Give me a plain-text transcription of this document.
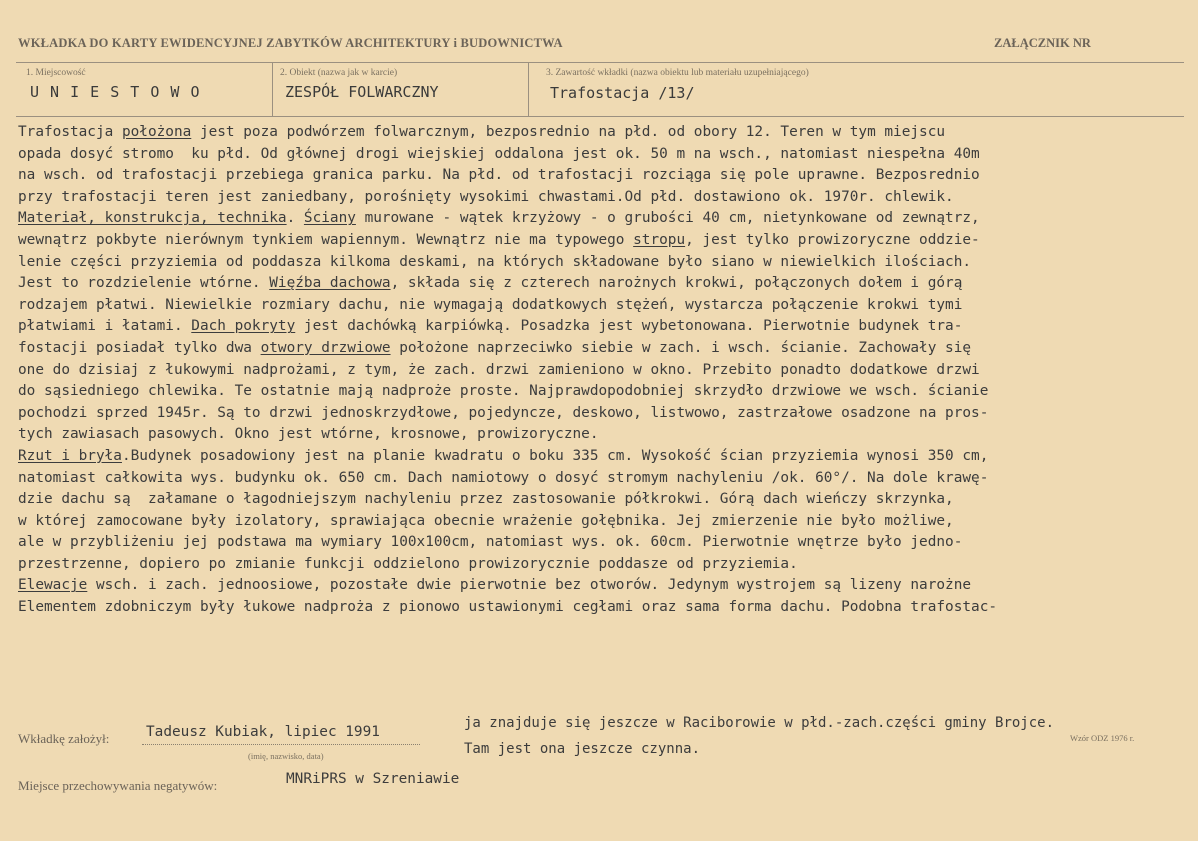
WKŁADKA DO KARTY EWIDENCYJNEJ ZABYTKÓW ARCHITEKTURY i BUDOWNICTWA	ZAŁĄCZNIK NR
1. Miejscowość
U N I E S T O W O
2. Obiekt (nazwa jak w karcie)
ZESPÓŁ FOLWARCZNY
3. Zawartość wkładki (nazwa obiektu lub materiału uzupełniającego)
Trafostacja /13/
Trafostacja położona jest poza podwórzem folwarcznym, bezposrednio na płd. od obory 12. Teren w tym miejscu
opada dosyć stromo  ku płd. Od głównej drogi wiejskiej oddalona jest ok. 50 m na wsch., natomiast niespełna 40m
na wsch. od trafostacji przebiega granica parku. Na płd. od trafostacji rozciąga się pole uprawne. Bezposrednio
przy trafostacji teren jest zaniedbany, porośnięty wysokimi chwastami.Od płd. dostawiono ok. 1970r. chlewik.
Materiał, konstrukcja, technika. Ściany murowane - wątek krzyżowy - o grubości 40 cm, nietynkowane od zewnątrz,
wewnątrz pokbyte nierównym tynkiem wapiennym. Wewnątrz nie ma typowego stropu, jest tylko prowizoryczne oddzie-
lenie części przyziemia od poddasza kilkoma deskami, na których składowane było siano w niewielkich ilościach.
Jest to rozdzielenie wtórne. Więźba dachowa, składa się z czterech narożnych krokwi, połączonych dołem i górą
rodzajem płatwi. Niewielkie rozmiary dachu, nie wymagają dodatkowych stężeń, wystarcza połączenie krokwi tymi
płatwiami i łatami. Dach pokryty jest dachówką karpiówką. Posadzka jest wybetonowana. Pierwotnie budynek tra-
fostacji posiadał tylko dwa otwory drzwiowe położone naprzeciwko siebie w zach. i wsch. ścianie. Zachowały się
one do dzisiaj z łukowymi nadprożami, z tym, że zach. drzwi zamieniono w okno. Przebito ponadto dodatkowe drzwi
do sąsiedniego chlewika. Te ostatnie mają nadproże proste. Najprawdopodobniej skrzydło drzwiowe we wsch. ścianie
pochodzi sprzed 1945r. Są to drzwi jednoskrzydłowe, pojedyncze, deskowo, listwowo, zastrzałowe osadzone na pros-
tych zawiasach pasowych. Okno jest wtórne, krosnowe, prowizoryczne.
Rzut i bryła.Budynek posadowiony jest na planie kwadratu o boku 335 cm. Wysokość ścian przyziemia wynosi 350 cm,
natomiast całkowita wys. budynku ok. 650 cm. Dach namiotowy o dosyć stromym nachyleniu /ok. 60°/. Na dole krawę-
dzie dachu są  załamane o łagodniejszym nachyleniu przez zastosowanie półkrokwi. Górą dach wieńczy skrzynka,
w której zamocowane były izolatory, sprawiająca obecnie wrażenie gołębnika. Jej zmierzenie nie było możliwe,
ale w przybliżeniu jej podstawa ma wymiary 100x100cm, natomiast wys. ok. 60cm. Pierwotnie wnętrze było jedno-
przestrzenne, dopiero po zmianie funkcji oddzielono prowizorycznie poddasze od przyziemia.
Elewacje wsch. i zach. jednoosiowe, pozostałe dwie pierwotnie bez otworów. Jedynym wystrojem są lizeny narożne
Elementem zdobniczym były łukowe nadproża z pionowo ustawionymi cegłami oraz sama forma dachu. Podobna trafostac-
Wkładkę założył:	Tadeusz Kubiak, lipiec 1991
(imię, nazwisko, data)
ja znajduje się jeszcze w Raciborowie w płd.-zach.części gminy Brojce.
Tam jest ona jeszcze czynna.
Wzór ODZ 1976 r.
Miejsce przechowywania negatywów:	MNRiPRS w Szreniawie
